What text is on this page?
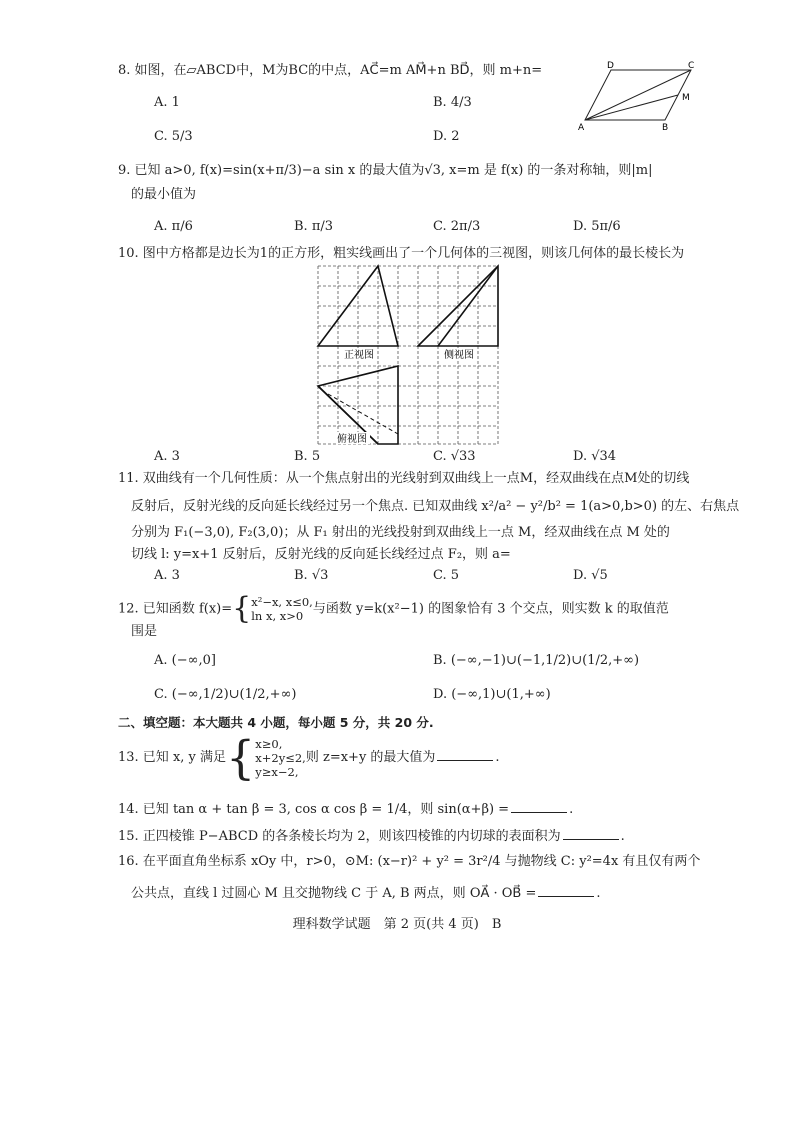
8. 如图，在▱ABCD中，M为BC的中点，AC⃗=m AM⃗+n BD⃗，则 m+n=
A. 1	B. 4/3
C. 5/3	D. 2
D	C
M
A	B
9. 已知 a>0, f(x)=sin(x+π/3)−a sin x 的最大值为√3, x=m 是 f(x) 的一条对称轴，则|m|
的最小值为
A. π/6	B. π/3	C. 2π/3	D. 5π/6
10. 图中方格都是边长为1的正方形，粗实线画出了一个几何体的三视图，则该几何体的最长棱长为
正视图	侧视图
俯视图
A. 3	B. 5	C. √33	D. √34
11. 双曲线有一个几何性质：从一个焦点射出的光线射到双曲线上一点M，经双曲线在点M处的切线
反射后，反射光线的反向延长线经过另一个焦点. 已知双曲线 x²/a² − y²/b² = 1(a>0,b>0) 的左、右焦点
分别为 F₁(−3,0), F₂(3,0)；从 F₁ 射出的光线投射到双曲线上一点 M，经双曲线在点 M 处的
切线 l: y=x+1 反射后，反射光线的反向延长线经过点 F₂，则 a=
A. 3	B. √3	C. 5	D. √5
12. 已知函数 f(x)={ x²−x, x≤0,
ln x, x>0 与函数 y=k(x²−1) 的图象恰有 3 个交点，则实数 k 的取值范
围是
A. (−∞,0]	B. (−∞,−1)∪(−1,1/2)∪(1/2,+∞)
C. (−∞,1/2)∪(1/2,+∞)	D. (−∞,1)∪(1,+∞)
二、填空题：本大题共 4 小题，每小题 5 分，共 20 分.
13. 已知 x, y 满足{ x≥0,
x+2y≤2,
y≥x−2,
则 z=x+y 的最大值为	.
14. 已知 tan α + tan β = 3, cos α cos β = 1/4，则 sin(α+β) =	.
15. 正四棱锥 P−ABCD 的各条棱长均为 2，则该四棱锥的内切球的表面积为	.
16. 在平面直角坐标系 xOy 中，r>0，⊙M: (x−r)² + y² = 3r²/4 与抛物线 C: y²=4x 有且仅有两个
公共点，直线 l 过圆心 M 且交抛物线 C 于 A, B 两点，则 OA⃗ · OB⃗ =	.
理科数学试题　第 2 页(共 4 页)　B
